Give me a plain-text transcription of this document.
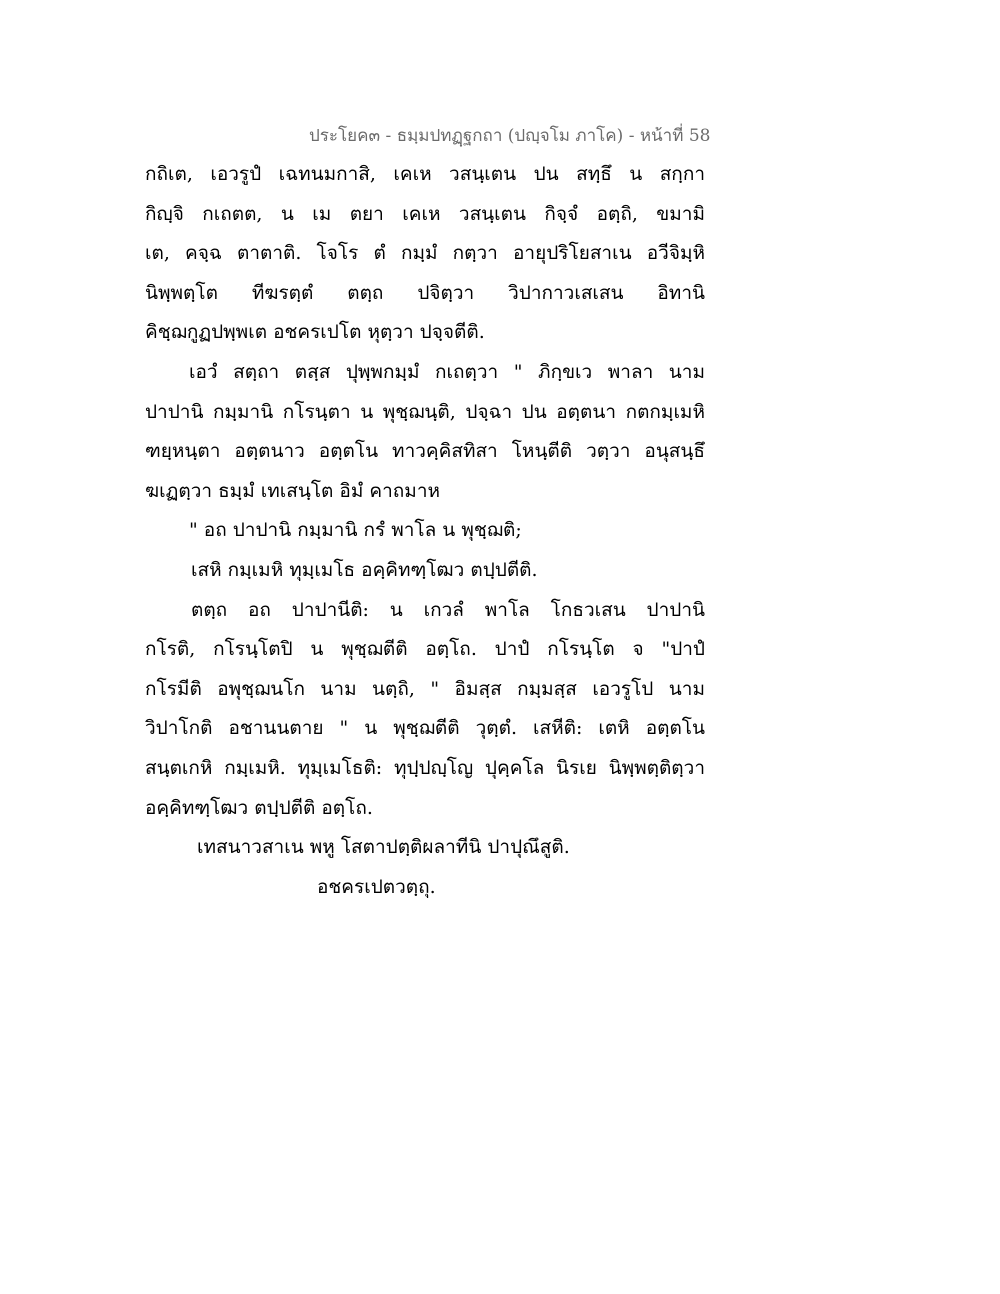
ประโยค๓ - ธมฺมปทฏฺฐกถา (ปญฺจโม ภาโค) - หน้าที่ 58
กถิเต, เอวรูปํ เฉทนมกาสิ, เคเห วสนฺเตน ปน สทฺธึ น สกฺกา
กิญฺจิ กเถตต, น เม ตยา เคเห วสนฺเตน กิจฺจํ อตฺถิ, ขมามิ
เต, คจฺฉ ตาตาติ. โจโร ตํ กมฺมํ กตฺวา อายุปริโยสาเน อวีจิมฺหิ
นิพฺพตฺโต ทีฆรตฺตํ ตตฺถ ปจิตฺวา วิปากาวเสเสน อิทานิ
คิชฺฌกูฏปพฺพเต อชครเปโต หุตฺวา ปจฺจตีติ.
เอวํ สตฺถา ตสฺส ปุพฺพกมฺมํ กเถตฺวา " ภิกฺขเว พาลา นาม
ปาปานิ กมฺมานิ กโรนฺตา น พุชฺฌนฺติ, ปจฺฉา ปน อตฺตนา กตกมฺเมหิ
ฑยฺหนฺตา อตฺตนาว อตฺตโน ทาวคฺคิสทิสา โหนฺตีติ วตฺวา อนุสนฺธึ
ฆเฏตฺวา ธมฺมํ เทเสนฺโต อิมํ คาถมาห
" อถ ปาปานิ กมฺมานิ กรํ พาโล น พุชฺฌติ;
เสหิ กมฺเมหิ ทุมฺเมโธ อคฺคิทฑฺโฒว ตปฺปตีติ.
ตตฺถ อถ ปาปานีติ: น เกวลํ พาโล โกธวเสน ปาปานิ
กโรติ, กโรนฺโตปิ น พุชฺฌตีติ อตฺโถ. ปาปํ กโรนฺโต จ "ปาปํ
กโรมีติ อพุชฺฌนโก นาม นตฺถิ, " อิมสฺส กมฺมสฺส เอวรูโป นาม
วิปาโกติ อชานนตาย " น พุชฺฌตีติ วุตฺตํ. เสหีติ: เตหิ อตฺตโน
สนฺตเกหิ กมฺเมหิ. ทุมฺเมโธติ: ทุปฺปญฺโญ ปุคฺคโล นิรเย นิพฺพตฺติตฺวา
อคฺคิทฑฺโฒว ตปฺปตีติ อตฺโถ.
เทสนาวสาเน พหู โสตาปตฺติผลาทีนิ ปาปุณึสูติ.
อชครเปตวตฺถุ.
